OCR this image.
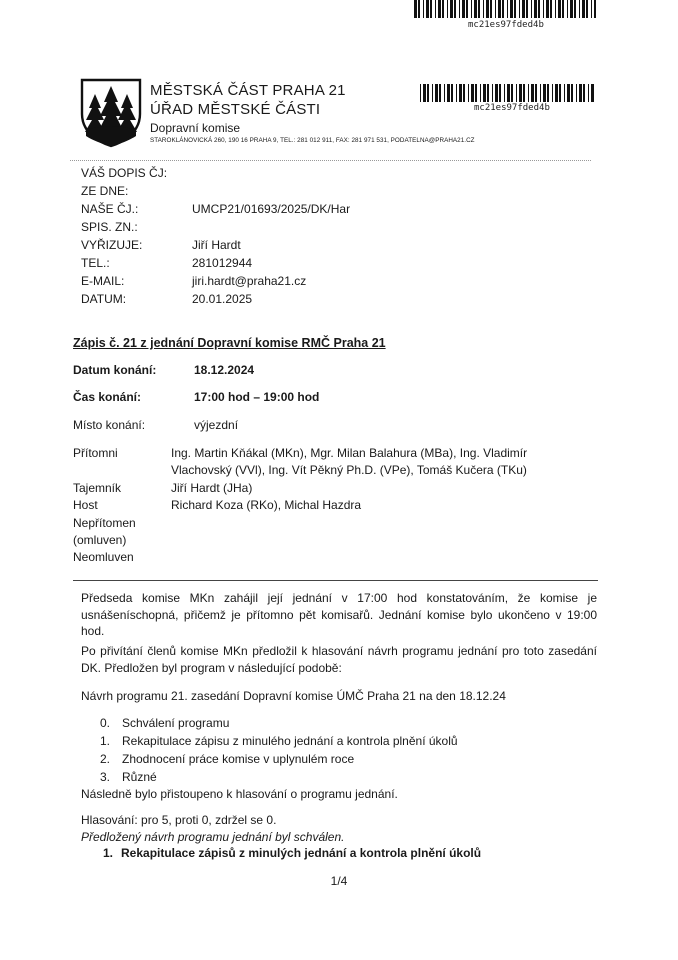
mc21es97fded4b
MĚSTSKÁ ČÁST PRAHA 21
ÚŘAD MĚSTSKÉ ČÁSTI
Dopravní komise
STAROKLÁNOVICKÁ 260, 190 16 PRAHA 9, TEL.: 281 012 911, FAX: 281 971 531, PODATELNA@PRAHA21.CZ
mc21es97fded4b
VÁŠ DOPIS ČJ:
ZE DNE:
NAŠE ČJ.:	UMCP21/01693/2025/DK/Har
SPIS. ZN.:
VYŘIZUJE:	Jiří Hardt
TEL.:	281012944
E-MAIL:	jiri.hardt@praha21.cz
DATUM:	20.01.2025
Zápis č. 21 z jednání Dopravní komise RMČ Praha 21
Datum konání:	18.12.2024
Čas konání:	17:00 hod – 19:00 hod
Místo konání:	výjezdní
Přítomni	Ing. Martin Kňákal (MKn), Mgr. Milan Balahura (MBa), Ing. Vladimír Vlachovský (VVl), Ing. Vít Pěkný Ph.D. (VPe), Tomáš Kučera (TKu)
Tajemník	Jiří Hardt (JHa)
Host	Richard Koza (RKo), Michal Hazdra
Nepřítomen
(omluven)
Neomluven
Předseda komise MKn zahájil její jednání v 17:00 hod konstatováním, že komise je usnášeníschopná, přičemž je přítomno pět komisařů. Jednání komise bylo ukončeno v 19:00 hod.
Po přivítání členů komise MKn předložil k hlasování návrh programu jednání pro toto zasedání DK. Předložen byl program v následující podobě:
Návrh programu 21. zasedání Dopravní komise ÚMČ Praha 21 na den 18.12.24
0. Schválení programu
1. Rekapitulace zápisu z minulého jednání a kontrola plnění úkolů
2. Zhodnocení práce komise v uplynulém roce
3. Různé
Následně bylo přistoupeno k hlasování o programu jednání.
Hlasování: pro 5, proti 0, zdržel se 0.
Předložený návrh programu jednání byl schválen.
1. Rekapitulace zápisů z minulých jednání a kontrola plnění úkolů
1/4
